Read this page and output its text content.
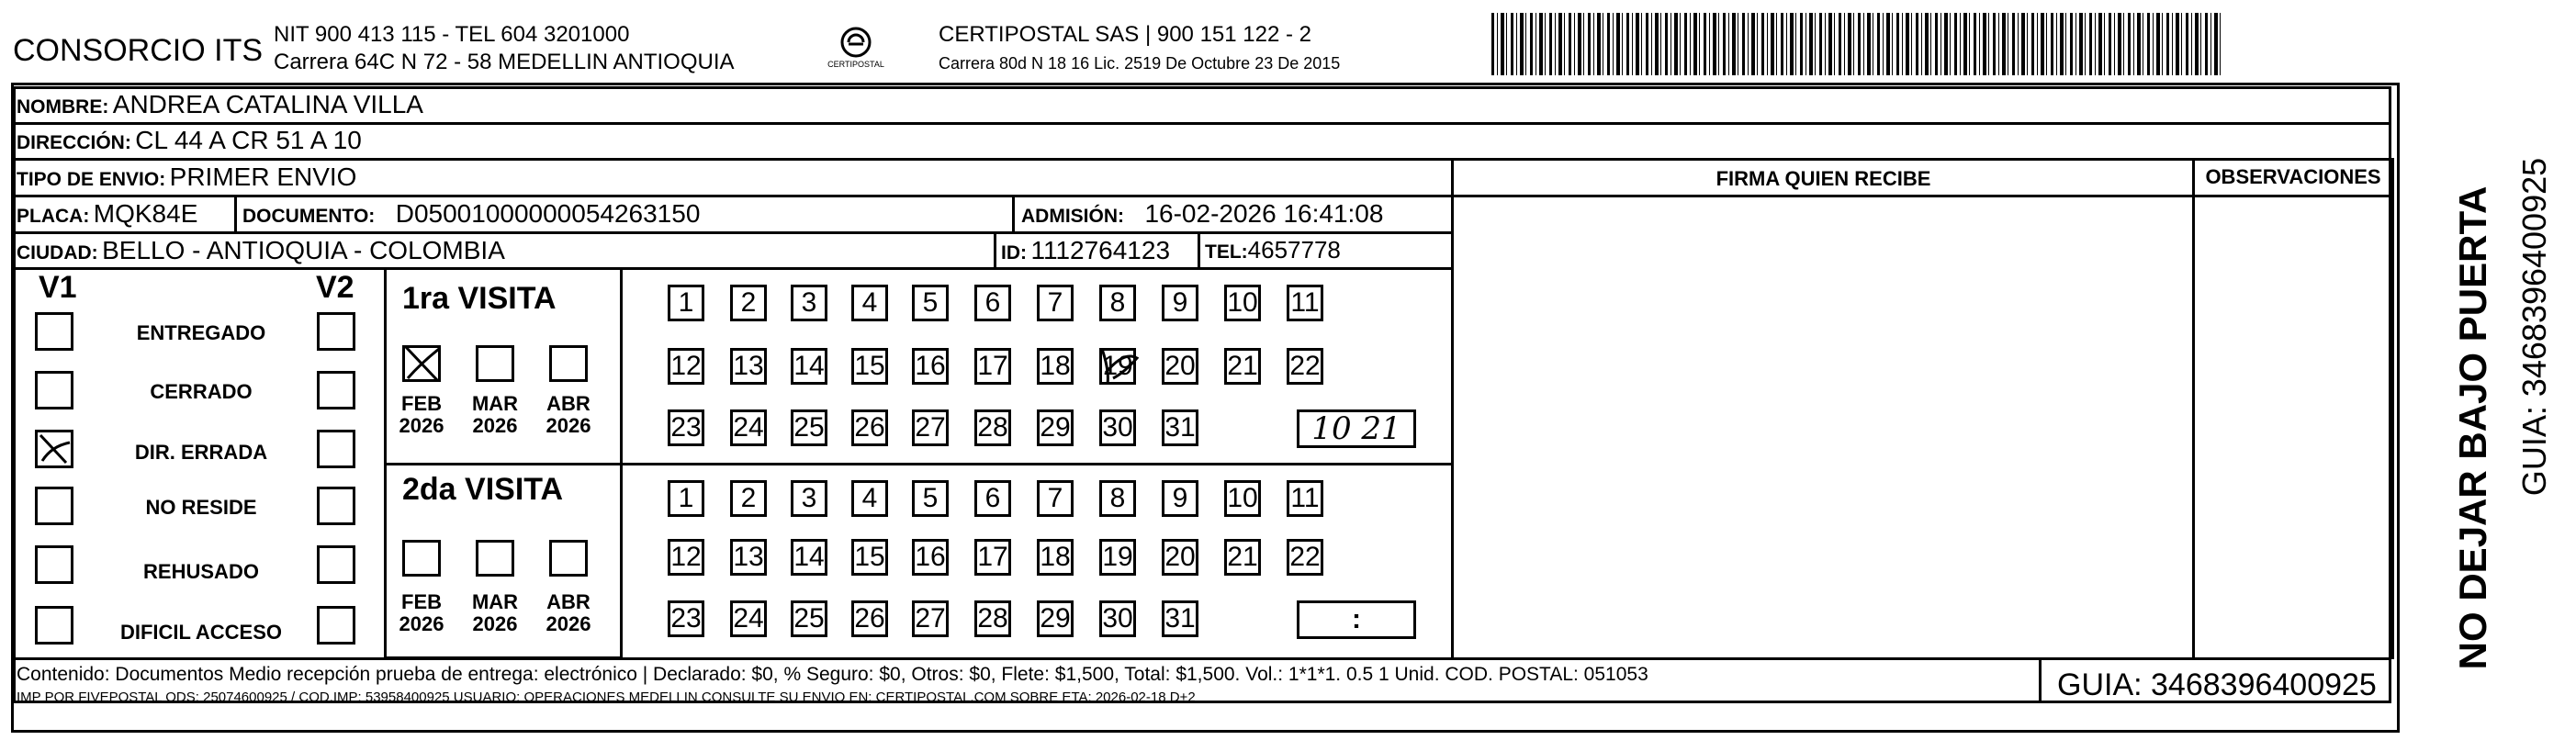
CONSORCIO ITS NIT 900 413 115 - TEL 604 3201000
Carrera 64C N 72 - 58 MEDELLIN ANTIOQUIA	CERTIPOSTAL
CERTIPOSTAL SAS | 900 151 122 - 2
Carrera 80d N 18 16 Lic. 2519 De Octubre 23 De 2015
NOMBRE: ANDREA CATALINA VILLA
DIRECCIÓN: CL 44 A CR 51 A 10
TIPO DE ENVIO: PRIMER ENVIO	FIRMA QUIEN RECIBE	OBSERVACIONES
PLACA: MQK84E DOCUMENTO: D05001000000054263150	ADMISIÓN: 16-02-2026 16:41:08
CIUDAD: BELLO - ANTIOQUIA - COLOMBIA	ID: 1112764123 TEL:4657778
V1	V2
ENTREGADO
CERRADO
DIR. ERRADA
NO RESIDE
REHUSADO
DIFICIL ACCESO
1ra VISITA
FEB
2026
MAR
2026
ABR
2026
1 2 3 4 5 6 7 8 9 10 11
12 13 14 15 16 17 18 19 20 21 22
23 24 25 26 27 28 29 30 31	10 21
2da VISITA
FEB
2026
MAR
2026
ABR
2026
1 2 3 4 5 6 7 8 9 10 11
12 13 14 15 16 17 18 19 20 21 22
23 24 25 26 27 28 29 30 31	:
Contenido: Documentos Medio recepción prueba de entrega: electrónico | Declarado: $0, % Seguro: $0, Otros: $0, Flete: $1,500, Total: $1,500. Vol.: 1*1*1. 0.5 1 Unid. COD. POSTAL: 051053
IMP POR FIVEPOSTAL ODS: 25074600925 / COD.IMP: 53958400925 USUARIO: OPERACIONES MEDELLIN CONSULTE SU ENVIO EN: CERTIPOSTAL.COM SOBRE ETA: 2026-02-18 D+2	GUIA: 3468396400925
NO DEJAR BAJO PUERTA GUIA: 3468396400925
